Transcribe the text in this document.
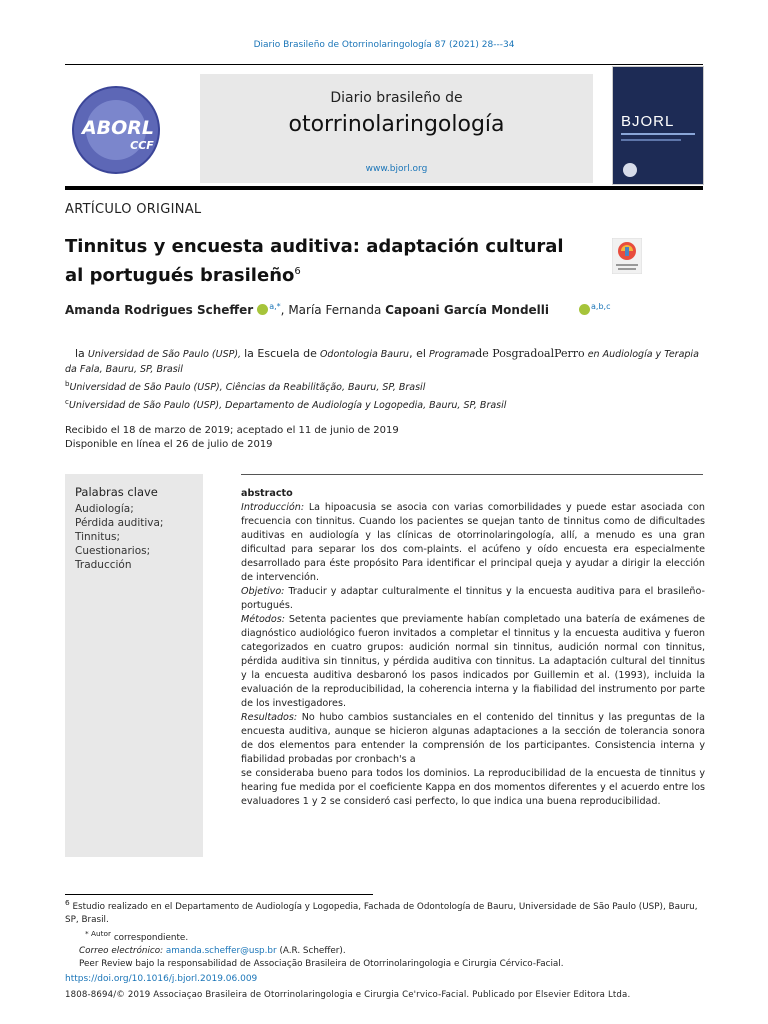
Diario Brasileño de Otorrinolaringología 87 (2021) 28---34
ABORL
CCF
Diario brasileño de
otorrinolaringología
www.bjorl.org
BJORL
ARTÍCULO ORIGINAL
Tinnitus y encuesta auditiva: adaptación cultural al portugués brasileño$^6$
Amanda Rodrigues Scheffer $^{a,*}$, María Fernanda Capoani García Mondelli	$^{a,b,c}$
la Universidad de São Paulo (USP), la Escuela de Odontologia Bauru, el Programade PosgradoalPerro en Audiología y Terapia da Fala, Bauru, SP, Brasil
$^b$Universidad de São Paulo (USP), Ciências da Reabilitãção, Bauru, SP, Brasil
$^c$Universidad de São Paulo (USP), Departamento de Audiología y Logopedia, Bauru, SP, Brasil
Recibido el 18 de marzo de 2019; aceptado el 11 de junio de 2019
Disponible en línea el 26 de julio de 2019
Palabras clave
Audiología;
Pérdida auditiva;
Tinnitus;
Cuestionarios;
Traducción

abstracto

Introducción: La hipoacusia se asocia con varias comorbilidades y puede estar asociada con frecuencia con tinnitus. Cuando los pacientes se quejan tanto de tinnitus como de dificultades auditivas en audiología y las clínicas de otorrinolaringología, allí, a menudo es una gran dificultad para separar los dos com-plaints. el acúfeno y oído encuesta era especialmente desarrollado para éste propósito Para identificar el principal queja y ayudar a dirigir la elección de intervención.

Objetivo: Traducir y adaptar culturalmente el tinnitus y la encuesta auditiva para el brasileño-portugués.

Métodos: Setenta pacientes que previamente habían completado una batería de exámenes de diagnóstico audiológico fueron invitados a completar el tinnitus y la encuesta auditiva y fueron categorizados en cuatro grupos: audición normal sin tinnitus, audición normal con tinnitus, pérdida auditiva sin tinnitus, y pérdida auditiva con tinnitus. La adaptación cultural del tinnitus y la encuesta auditiva desbaronó los pasos indicados por Guillemin et al. (1993), incluida la evaluación de la reproducibilidad, la coherencia interna y la fiabilidad del instrumento por parte de los investigadores.

Resultados: No hubo cambios sustanciales en el contenido del tinnitus y las preguntas de la encuesta auditiva, aunque se hicieron algunas adaptaciones a la sección de tolerancia sonora de dos elementos para entender la comprensión de los participantes. Consistencia interna y fiabilidad probadas por cronbach's a

se consideraba bueno para todos los dominios. La reproducibilidad de la encuesta de tinnitus y hearing fue medida por el coeficiente Kappa en dos momentos diferentes y el acuerdo entre los evaluadores 1 y 2 se consideró casi perfecto, lo que indica una buena reproducibilidad.

$^6$ Estudio realizado en el Departamento de Audiología y Logopedia, Fachada de Odontología de Bauru, Universidade de São Paulo (USP), Bauru, SP, Brasil.

$^{* Autor}$ correspondiente.

Correo electrónico: amanda.scheffer@usp.br (A.R. Scheffer).

Peer Review bajo la responsabilidad de Associação Brasileira de Otorrinolaringologia e Cirurgia Cérvico-Facial.

https://doi.org/10.1016/j.bjorl.2019.06.009
1808-8694/© 2019 Associaçao Brasileira de Otorrinolaringologia e Cirurgia Ce'rvico-Facial. Publicado por Elsevier Editora Ltda.
